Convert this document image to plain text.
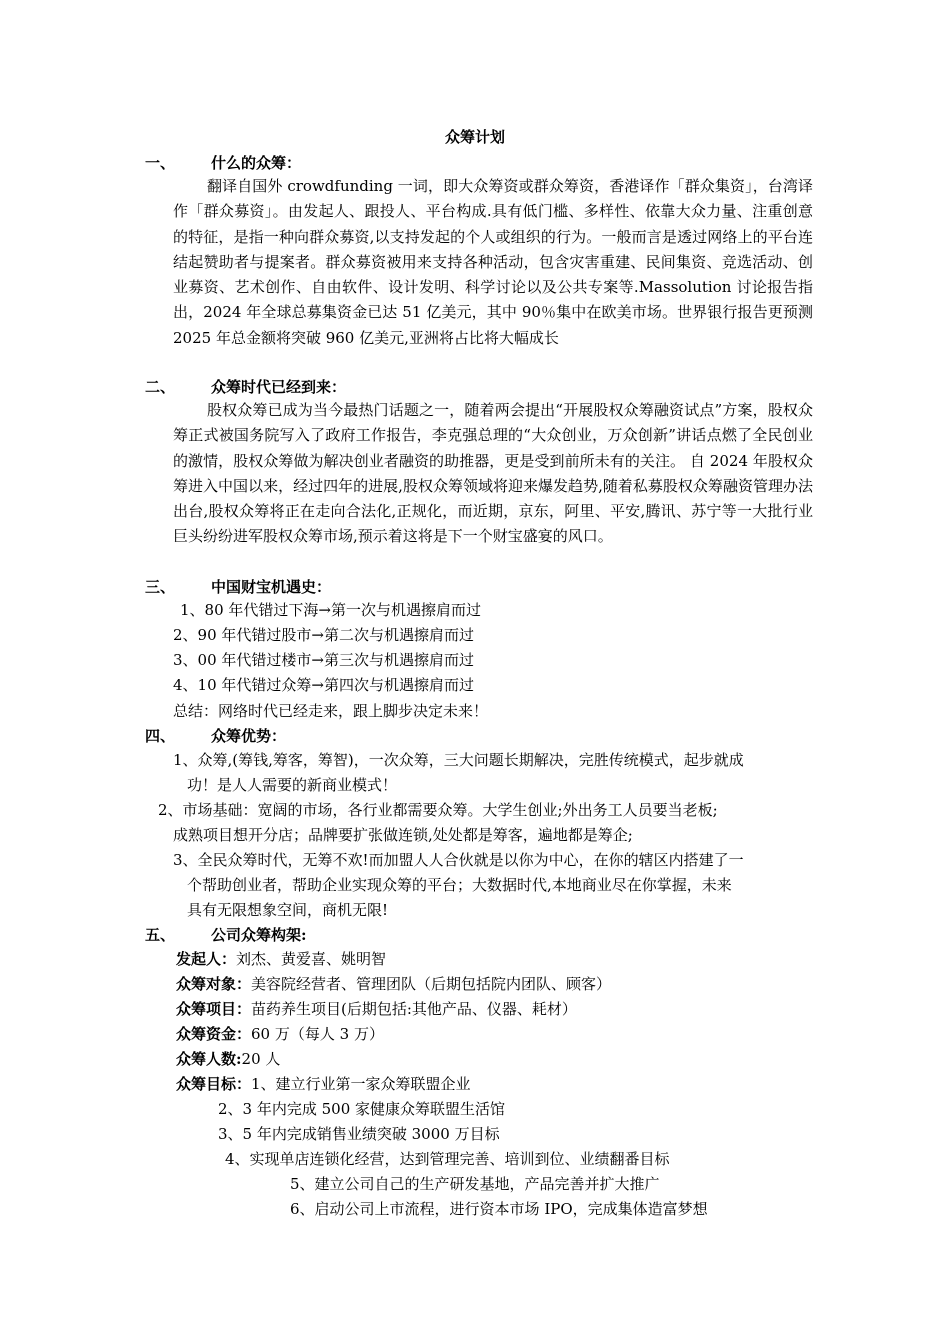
众筹计划
一、 什么的众筹：
翻译自国外 crowdfunding 一词，即大众筹资或群众筹资，香港译作「群众集资」，台湾译作「群众募资」。由发起人、跟投人、平台构成.具有低门槛、多样性、依靠大众力量、注重创意的特征，是指一种向群众募资,以支持发起的个人或组织的行为。一般而言是透过网络上的平台连结起赞助者与提案者。群众募资被用来支持各种活动，包含灾害重建、民间集资、竞选活动、创业募资、艺术创作、自由软件、设计发明、科学讨论以及公共专案等.Massolution 讨论报告指出，2024 年全球总募集资金已达 51 亿美元，其中 90％集中在欧美市场。世界银行报告更预测 2025 年总金额将突破 960 亿美元,亚洲将占比将大幅成长
二、 众筹时代已经到来：
股权众筹已成为当今最热门话题之一，随着两会提出“开展股权众筹融资试点”方案，股权众筹正式被国务院写入了政府工作报告，李克强总理的“大众创业，万众创新”讲话点燃了全民创业的激情，股权众筹做为解决创业者融资的助推器，更是受到前所未有的关注。 自 2024 年股权众筹进入中国以来，经过四年的进展,股权众筹领域将迎来爆发趋势,随着私募股权众筹融资管理办法出台,股权众筹将正在走向合法化,正规化，而近期，京东，阿里、平安,腾讯、苏宁等一大批行业巨头纷纷进军股权众筹市场,预示着这将是下一个财宝盛宴的风口。
三、 中国财宝机遇史：
1、80 年代错过下海→第一次与机遇擦肩而过
2、90 年代错过股市→第二次与机遇擦肩而过
3、00 年代错过楼市→第三次与机遇擦肩而过
4、10 年代错过众筹→第四次与机遇擦肩而过
总结：网络时代已经走来，跟上脚步决定未来！
四、 众筹优势：
1、众筹,(筹钱,筹客，筹智)，一次众筹，三大问题长期解决，完胜传统模式，起步就成
功！是人人需要的新商业模式！
2、市场基础：宽阔的市场，各行业都需要众筹。大学生创业;外出务工人员要当老板;
成熟项目想开分店；品牌要扩张做连锁,处处都是筹客，遍地都是筹企;
3、全民众筹时代，无筹不欢!而加盟人人合伙就是以你为中心，在你的辖区内搭建了一
个帮助创业者，帮助企业实现众筹的平台；大数据时代,本地商业尽在你掌握，未来
具有无限想象空间，商机无限!
五、 公司众筹构架:
发起人：刘杰、黄爱喜、姚明智
众筹对象：美容院经营者、管理团队（后期包括院内团队、顾客）
众筹项目：苗药养生项目(后期包括:其他产品、仪器、耗材）
众筹资金：60 万（每人 3 万）
众筹人数:20 人
众筹目标：1、建立行业第一家众筹联盟企业
2、3 年内完成 500 家健康众筹联盟生活馆
3、5 年内完成销售业绩突破 3000 万目标
4、实现单店连锁化经营，达到管理完善、培训到位、业绩翻番目标
5、建立公司自己的生产研发基地，产品完善并扩大推广
6、启动公司上市流程，进行资本市场 IPO，完成集体造富梦想
